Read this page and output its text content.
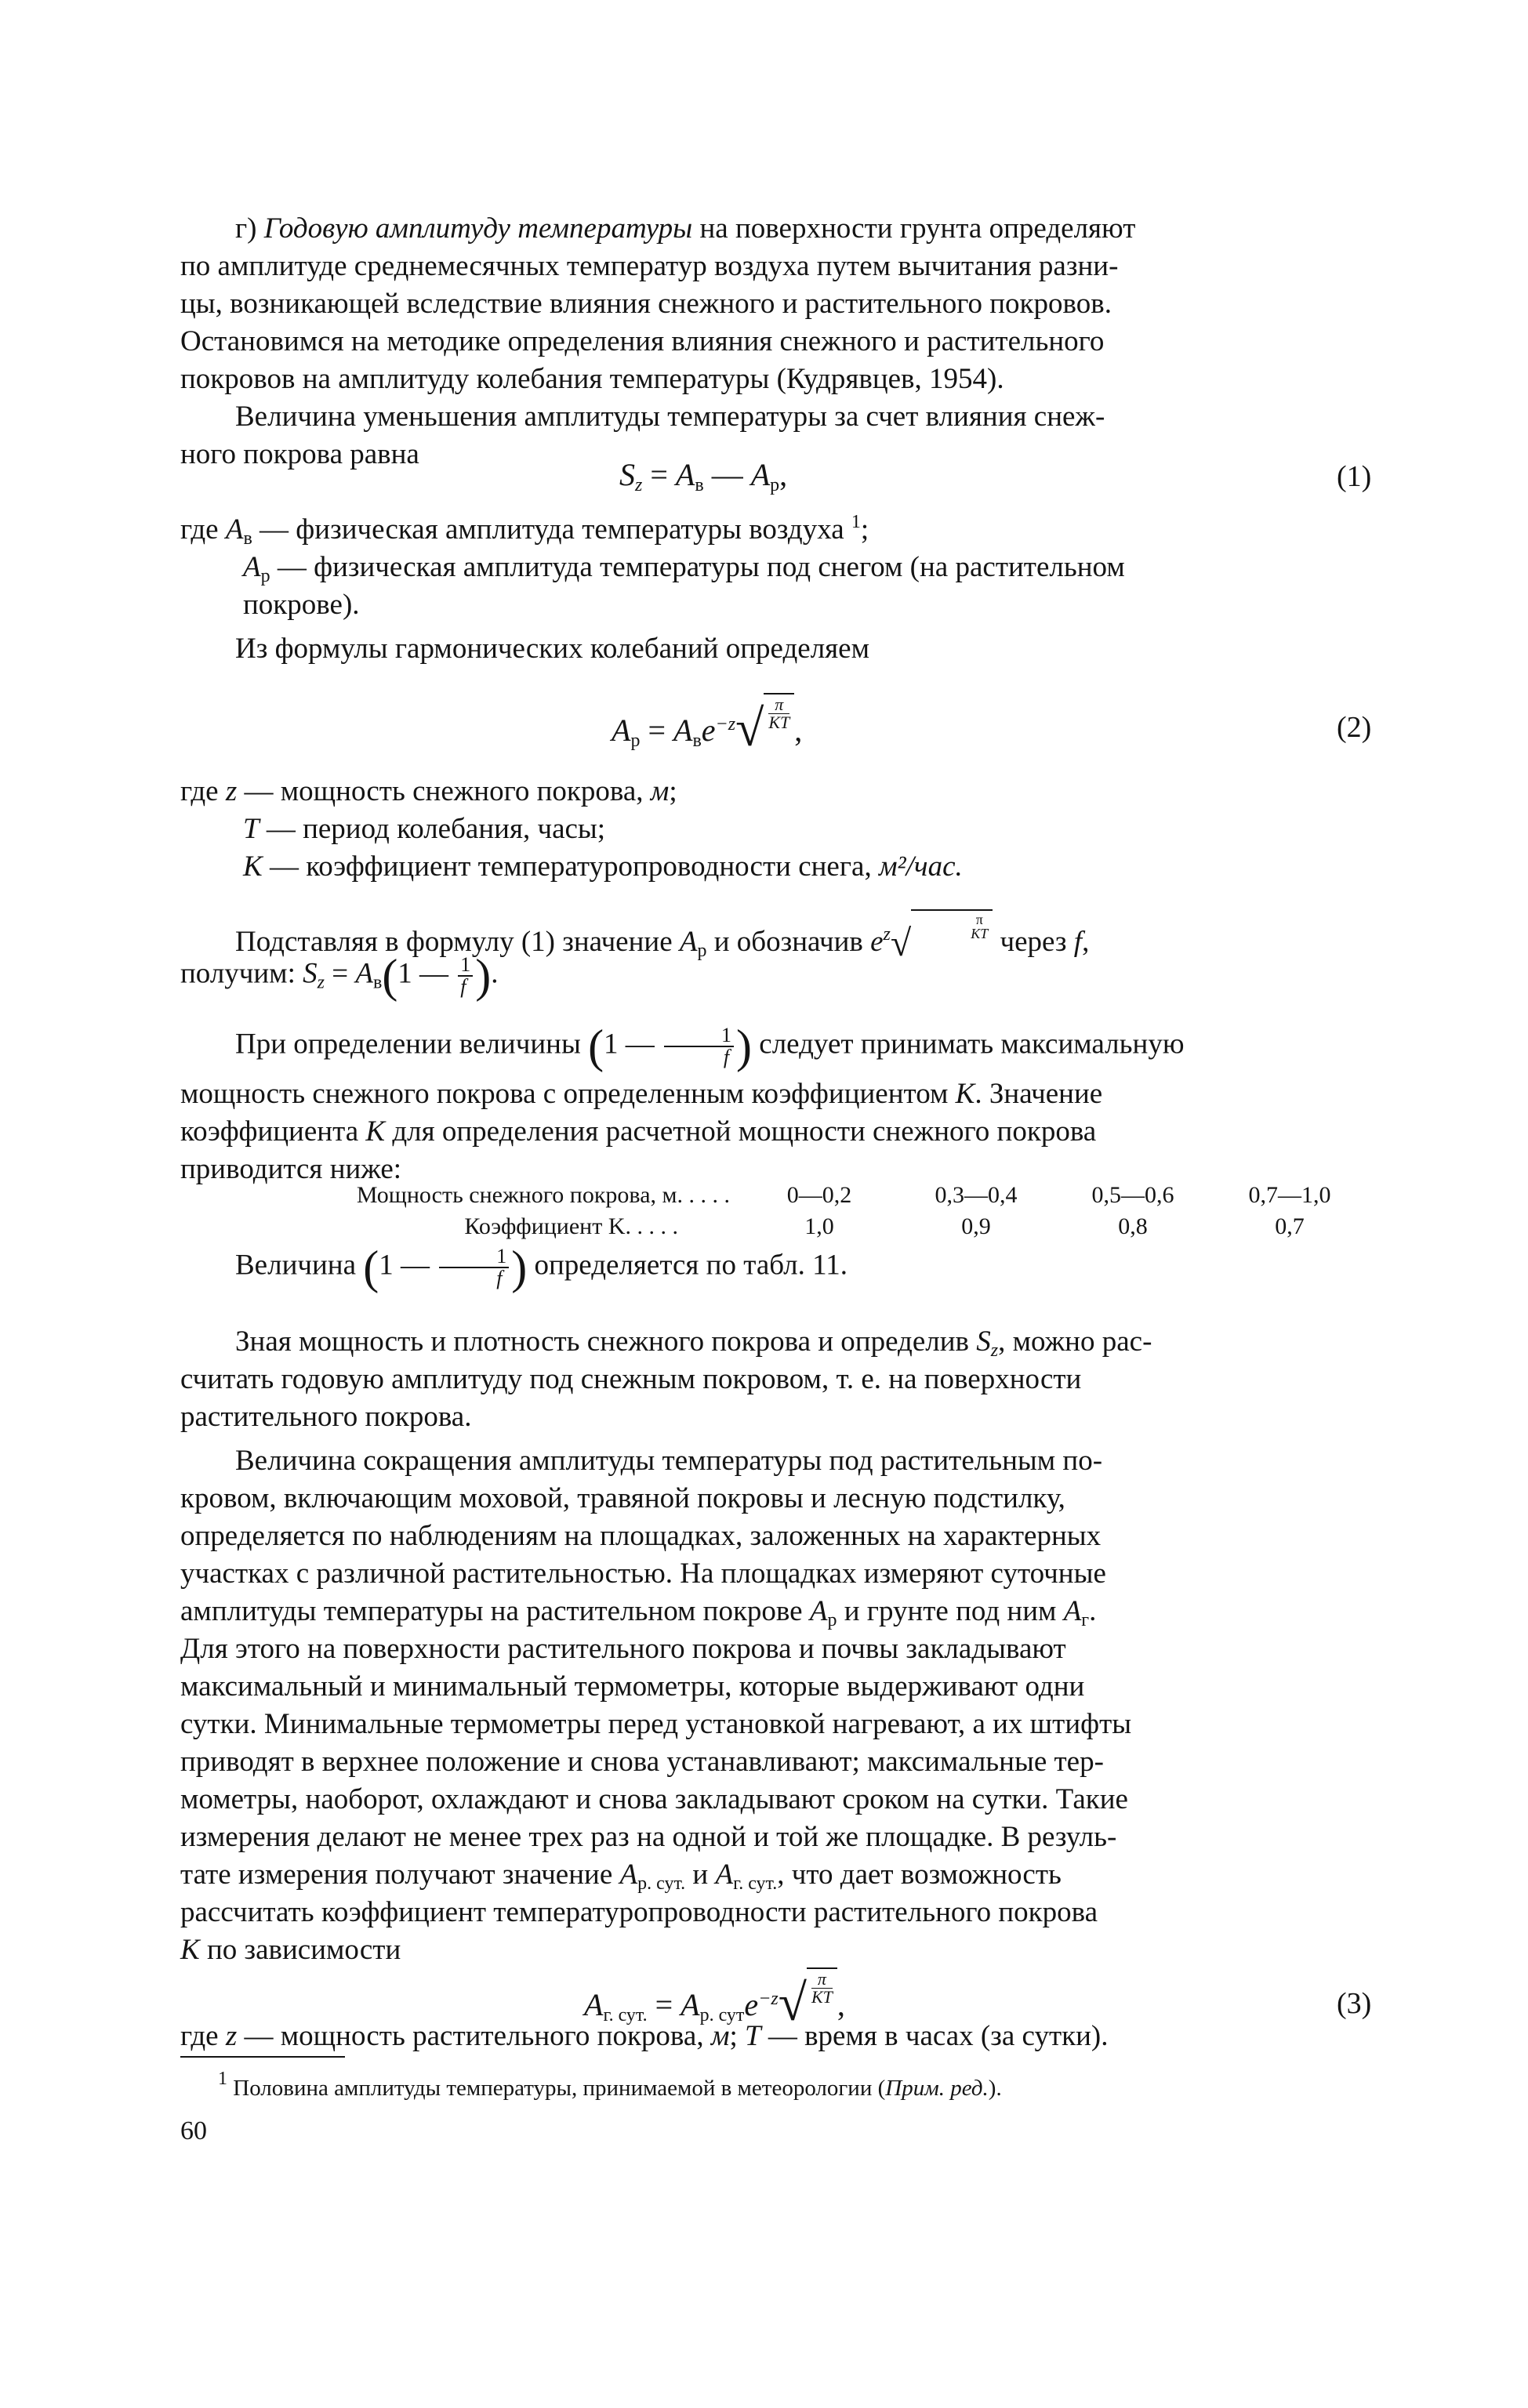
г) Годовую амплитуду температуры на поверхности грунта определяют
по амплитуде среднемесячных температур воздуха путем вычитания разни-
цы, возникающей вследствие влияния снежного и растительного покровов.
Остановимся на методике определения влияния снежного и растительного
покровов на амплитуду колебания температуры (Кудрявцев, 1954).
Величина уменьшения амплитуды температуры за счет влияния снеж-
ного покрова равна
$S_z = A_в$ — $A_р$,	(1)
где $A_в$ — физическая амплитуда температуры воздуха $^1$;
$A_р$ — физическая амплитуда температуры под снегом (на растительном
покрове).
Из формулы гармонических колебаний определяем
$A_р = A_вe^{-z}√ \frac{\pi}{KT}$ ,	(2)
где z — мощность снежного покрова, м;
T — период колебания, часы;
K — коэффициент температуропроводности снега, м²/час.
Подставляя в формулу (1) значение $A_р$ и обозначив $e^z√$
π
KT через f,
получим: $S_z = A_в(1$ — $\frac{1}{f}$ ).
При определении величины (1 — $\frac{1}{f}$ ) следует принимать максимальную
мощность снежного покрова с определенным коэффициентом K. Значение
коэффициента K для определения расчетной мощности снежного покрова
приводится ниже:
Мощность снежного покрова, м. . . . .	0—0,2	0,3—0,4	0,5—0,6	0,7—1,0
Коэффициент K. . . . .	1,0	0,9	0,8	0,7
Величина (1 — $\frac{1}{f}$ ) определяется по табл. 11.
Зная мощность и плотность снежного покрова и определив $S_z$, можно рас-
считать годовую амплитуду под снежным покровом, т. е. на поверхности
растительного покрова.
Величина сокращения амплитуды температуры под растительным по-
кровом, включающим моховой, травяной покровы и лесную подстилку,
определяется по наблюдениям на площадках, заложенных на характерных
участках с различной растительностью. На площадках измеряют суточные
амплитуды температуры на растительном покрове $A_р$ и грунте под ним $A_г$.
Для этого на поверхности растительного покрова и почвы закладывают
максимальный и минимальный термометры, которые выдерживают одни
сутки. Минимальные термометры перед установкой нагревают, а их штифты
приводят в верхнее положение и снова устанавливают; максимальные тер-
мометры, наоборот, охлаждают и снова закладывают сроком на сутки. Такие
измерения делают не менее трех раз на одной и той же площадке. В резуль-
тате измерения получают значение $A_{р. сут.}$ и $A_{г. сут.}$, что дает возможность
рассчитать коэффициент температуропроводности растительного покрова
K по зависимости
$A_{г. сут.} = A_{р. сут}e^{-z}√ \frac{\pi}{KT}$ ,	(3)
где z — мощность растительного покрова, м; T — время в часах (за сутки).
$^1$ Половина амплитуды температуры, принимаемой в метеорологии (Прим. ред.).
60
